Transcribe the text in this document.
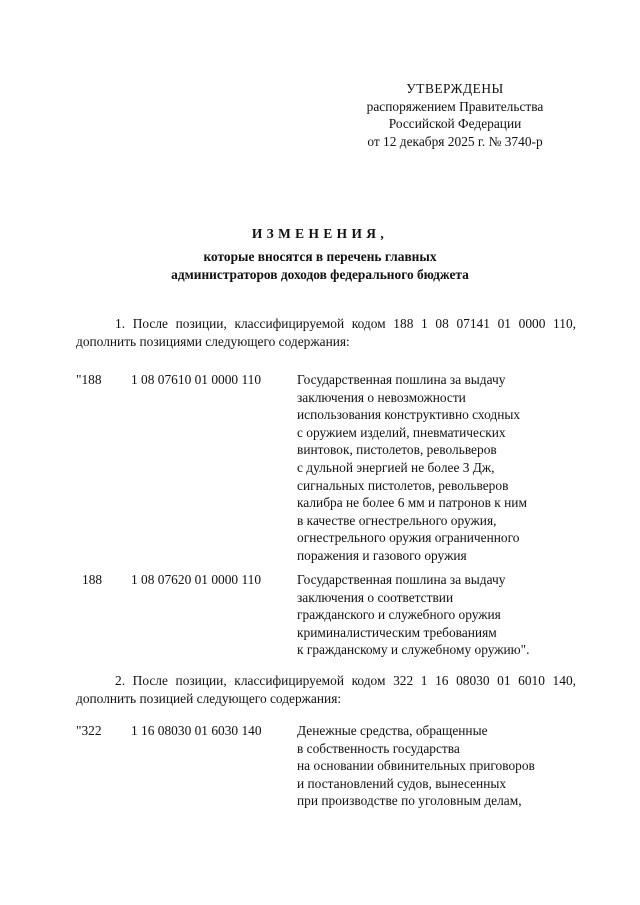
УТВЕРЖДЕНЫ
распоряжением Правительства
Российской Федерации
от 12 декабря 2025 г. № 3740-р
ИЗМЕНЕНИЯ,
которые вносятся в перечень главных
администраторов доходов федерального бюджета
1. После позиции, классифицируемой кодом 188 1 08 07141 01 0000 110, дополнить позициями следующего содержания:
"188	1 08 07610 01 0000 110	Государственная пошлина за выдачу
заключения о невозможности
использования конструктивно сходных
с оружием изделий, пневматических
винтовок, пистолетов, револьверов
с дульной энергией не более 3 Дж,
сигнальных пистолетов, револьверов
калибра не более 6 мм и патронов к ним
в качестве огнестрельного оружия,
огнестрельного оружия ограниченного
поражения и газового оружия
188	1 08 07620 01 0000 110	Государственная пошлина за выдачу
заключения о соответствии
гражданского и служебного оружия
криминалистическим требованиям
к гражданскому и служебному оружию".
2. После позиции, классифицируемой кодом 322 1 16 08030 01 6010 140, дополнить позицией следующего содержания:
"322	1 16 08030 01 6030 140	Денежные средства, обращенные
в собственность государства
на основании обвинительных приговоров
и постановлений судов, вынесенных
при производстве по уголовным делам,
